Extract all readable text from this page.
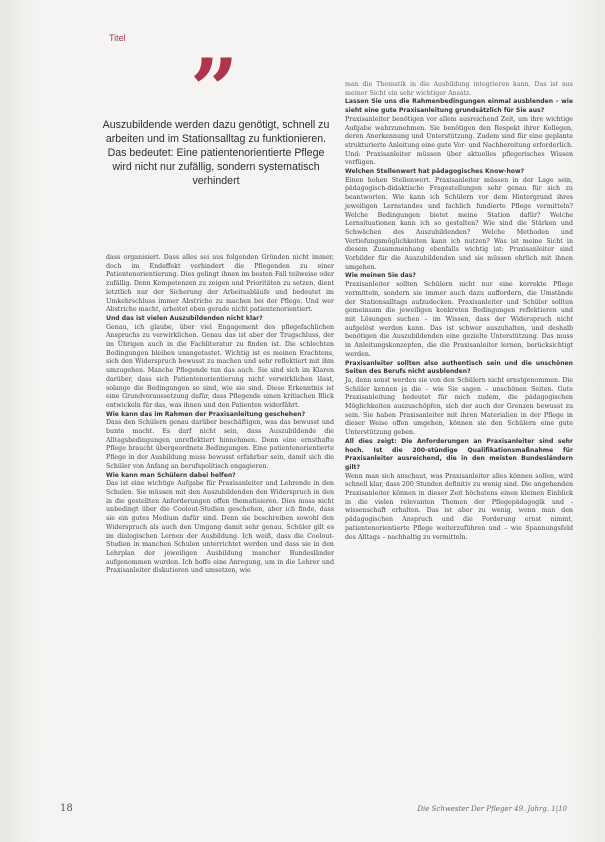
Titel
”
Auszubildende werden dazu genötigt, schnell zu arbeiten und im Stationsalltag zu funktionieren. Das bedeutet: Eine patientenorientierte Pflege wird nicht nur zufällig, sondern systematisch verhindert

dass organisiert. Dass alles sei aus folgenden Gründen nicht immer, doch im Endeffekt verhindert die Pflegenden zu einer Patientenorientierung. Dies gelingt ihnen im besten Fall teilweise oder zufällig. Denn Kompetenzen zu zeigen und Prioritäten zu setzen, dient letztlich nur der Sicherung der Arbeitsabläufe und bedeutet im Umkehrschluss immer Abstriche zu machen bei der Pflege. Und wer Abstriche macht, arbeitet eben gerade nicht patientenorientiert.

Und das ist vielen Auszubildenden nicht klar?

Genau, ich glaube, über viel Engagement des pflegefachlichen Anspruchs zu verwirklichen. Genau das ist aber der Trugschluss, der im Übrigen auch in die Fachliteratur zu finden ist. Die schlechten Bedingungen bleiben unangetastet. Wichtig ist es meinen Erachtens, sich den Widerspruch bewusst zu machen und sehr reflektiert mit ihm umzugehen. Manche Pflegende tun das auch. Sie sind sich im Klaren darüber, dass sich Patientenorientierung nicht verwirklichen lässt, solange die Bedingungen so sind, wie sie sind. Diese Erkenntnis ist eine Grundvoraussetzung dafür, dass Pflegende einen kritischen Blick entwickeln für das, was ihnen und den Patienten widerfährt.

Wie kann das im Rahmen der Praxisanleitung geschehen?

Dass den Schülern genau darüber beschäftigen, was das bewusst und bunte macht. Es darf nicht sein, dass Auszubildende die Alltagsbedingungen unreflektiert hinnehmen. Denn eine ernsthafte Pflege braucht übergeordnete Bedingungen. Eine patientenorientierte Pflege in der Ausbildung muss bewusst erfahrbar sein, damit sich die Schüler von Anfang an berufspolitisch engagieren.

Wie kann man Schülern dabei helfen?

Das ist eine wichtige Aufgabe für Praxisanleiter und Lehrende in den Schulen. Sie müssen mit den Auszubildenden den Widerspruch in den in die gestellten Anforderungen offen thematisieren. Dies muss nicht unbedingt über die Coolout-Studien geschehen, aber ich finde, dass sie ein gutes Medium dafür sind. Denn sie beschreiben sowohl den Widerspruch als auch den Umgang damit sehr genau. Schüler gilt es im dialogischen Lernen der Ausbildung. Ich weiß, dass die Coolout-Studien in manchen Schulen unterrichtet werden und dass sie in den Lehrplan der jeweiligen Ausbildung mancher Bundesländer aufgenommen wurden. Ich hoffe eine Anregung, um in die Lehrer und Praxisanleiter diskutieren und umsetzen, wie

man die Thematik in die Ausbildung integrieren kann. Das ist aus meiner Sicht ein sehr wichtiger Ansatz.

Lassen Sie uns die Rahmenbedingungen einmal ausblenden – wie sieht eine gute Praxisanleitung grundsätzlich für Sie aus?

Praxisanleiter benötigen vor allem ausreichend Zeit, um ihre wichtige Aufgabe wahrzunehmen. Sie benötigen den Respekt ihrer Kollegen, deren Anerkennung und Unterstützung. Zudem sind für eine geplante strukturierte Anleitung eine gute Vor- und Nachbereitung erforderlich. Und: Praxisanleiter müssen über aktuelles pflegerisches Wissen verfügen.

Welchen Stellenwert hat pädagogisches Know-how?

Einen hohen Stellenwert. Praxisanleiter müssen in der Lage sein, pädagogisch-didaktische Fragestellungen sehr genau für sich zu beantworten. Wie kann ich Schülern vor dem Hintergrund ihres jeweiligen Lernstandes und fachlich fundierte Pflege vermitteln? Welche Bedingungen bietet meine Station dafür? Welche Lernsituationen kann ich so gestalten? Wie sind die Stärken und Schwächen des Auszubildenden? Welche Methoden und Vertiefungsmöglichkeiten kann ich nutzen? Was ist meine Sicht in diesem Zusammenhang ebenfalls wichtig ist: Praxisanleiter sind Vorbilder für die Auszubildenden und sie müssen ehrlich mit ihnen umgehen.

Wie meinen Sie das?

Praxisanleiter sollten Schülern nicht nur eine korrekte Pflege vermitteln, sondern sie immer auch dazu auffordern, die Umstände der Stationsalltags aufzudecken. Praxisanleiter und Schüler sollten gemeinsam die jeweiligen konkreten Bedingungen reflektieren und mit Lösungen suchen – im Wissen, dass der Widerspruch nicht aufgelöst werden kann. Das ist schwer auszuhalten, und deshalb benötigen die Auszubildenden eine gezielte Unterstützung. Das muss in Anleitungskonzepten, die die Praxisanleiter lernen, berücksichtigt werden.

Praxisanleiter sollten also authentisch sein und die unschönen Seiten des Berufs nicht ausblenden?

Ja, denn sonst werden sie von den Schülern nicht ernstgenommen. Die Schüler kennen ja die – wie Sie sagen – unschönen Seiten. Gute Praxisanleitung bedeutet für mich zudem, die pädagogischen Möglichkeiten auszuschöpfen, sich der auch der Grenzen bewusst zu sein. Sie haben Praxisanleiter mit ihren Materialien in der Pflege in dieser Weise offen umgehen, können sie den Schülern eine gute Unterstützung geben.

All dies zeigt: Die Anforderungen an Praxisanleiter sind sehr hoch. Ist die 200-stündige Qualifikationsmaßnahme für Praxisanleiter ausreichend, die in den meisten Bundesländern gilt?

Wenn man sich anschaut, was Praxisanleiter alles können sollen, wird schnell klar, dass 200 Stunden definitiv zu wenig sind. Die angehenden Praxisanleiter können in dieser Zeit höchstens einen kleinen Einblick in die vielen relevanten Themen der Pflegepädagogik und -wissenschaft erhalten. Das ist aber zu wenig, wenn man den pädagogischen Anspruch und die Forderung ernst nimmt, patientenorientierte Pflege weiterzuführen und – wie Spannungsfeld des Alltags – nachhaltig zu vermitteln.

18	Die Schwester Der Pfleger 49. Jahrg. 1|10
